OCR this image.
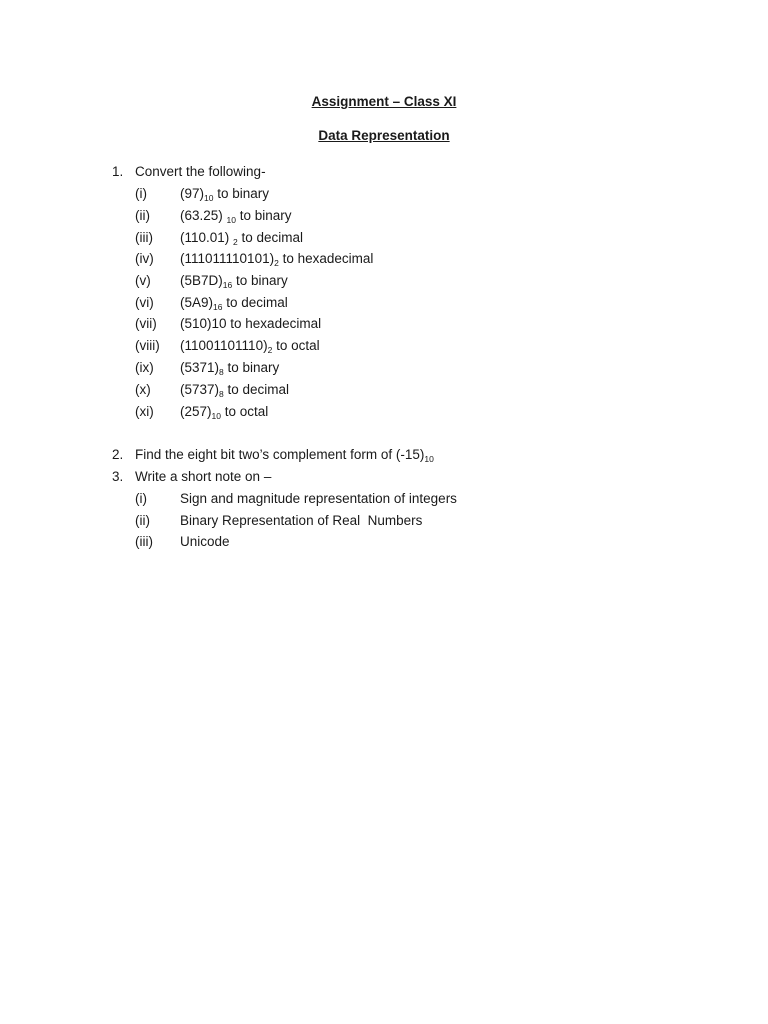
Assignment – Class XI
Data Representation
1. Convert the following-
(i) $(97)_{10}$ to binary
(ii) (63.25) $_{10}$ to binary
(iii) (110.01) $_2$ to decimal
(iv) $(111011110101)_2$ to hexadecimal
(v) $(5B7D)_{16}$ to binary
(vi) $(5A9)_{16}$ to decimal
(vii) (510)10 to hexadecimal
(viii) $(11001101110)_2$ to octal
(ix) $(5371)_8$ to binary
(x) $(5737)_8$ to decimal
(xi) $(257)_{10}$ to octal
2. Find the eight bit two’s complement form of $(-15)_{10}$
3. Write a short note on –
(i) Sign and magnitude representation of integers
(ii) Binary Representation of Real  Numbers
(iii) Unicode
